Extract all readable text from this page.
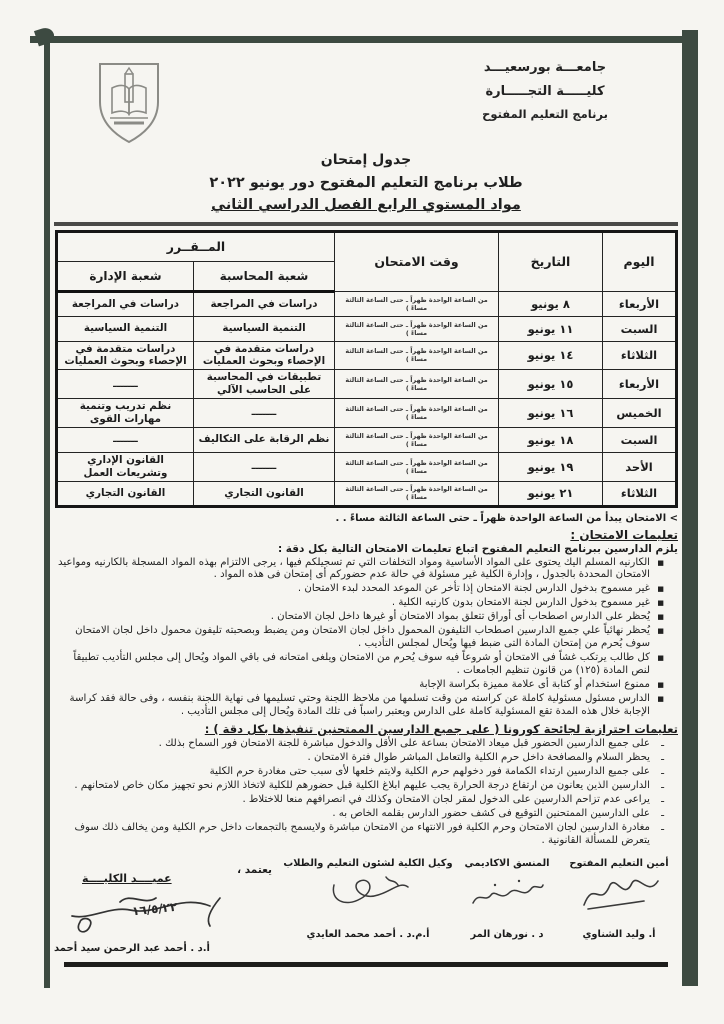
جامعـــة بورسعيـــد
كليـــــة التجـــــارة
برنامج التعليم المفتوح
جدول إمتحان
طلاب برنامج التعليم المفتوح دور يونيو ٢٠٢٢
مواد المستوي الرابع الفصل الدراسي الثاني
اليوم	التاريخ	وقت الامتحان	المــقــرر	
			شعبة المحاسبة	شعبة الإدارة
الأربعاء	٨ يونيو	من الساعة الواحدة ظهراً ـ حتى الساعة الثالثة مساءً )	دراسات في المراجعة	دراسات في المراجعة
السبت	١١ يونيو	من الساعة الواحدة ظهراً ـ حتى الساعة الثالثة مساءً )	التنمية السياسية	التنمية السياسية
الثلاثاء	١٤ يونيو	من الساعة الواحدة ظهراً ـ حتى الساعة الثالثة مساءً )	دراسات متقدمة في الإحصاء وبحوث العمليات	دراسات متقدمة في الإحصاء وبحوث العمليات
الأربعاء	١٥ يونيو	من الساعة الواحدة ظهراً ـ حتى الساعة الثالثة مساءً )	تطبيقات في المحاسبة على الحاسب الآلي	ـــــــ
الخميس	١٦ يونيو	من الساعة الواحدة ظهراً ـ حتى الساعة الثالثة مساءً )	ـــــــ	نظم تدريب وتنمية مهارات القوى
السبت	١٨ يونيو	من الساعة الواحدة ظهراً ـ حتى الساعة الثالثة مساءً )	نظم الرقابة على التكاليف	ـــــــ
الأحد	١٩ يونيو	من الساعة الواحدة ظهراً ـ حتى الساعة الثالثة مساءً )	ـــــــ	القانون الإداري وتشريعات العمل
الثلاثاء	٢١ يونيو	من الساعة الواحدة ظهراً ـ حتى الساعة الثالثة مساءً )	القانون التجاري	القانون التجاري
< الامتحان يبدأ من الساعة الواحدة ظهراً ـ حتى الساعة الثالثة مساءً . .
تعليمات الامتحان :
يلزم الدارسين ببرنامج التعليم المفتوح اتباع تعليمات الامتحان التالية بكل دقة :
■
الكارنيه المسلم اليك يحتوى على المواد الأساسية ومواد التخلفات التي تم تسجيلكم فيها ، يرجى الالتزام بهذه المواد المسجلة بالكارنيه ومواعيد الامتحان المحددة بالجدول ، وإدارة الكلية غير مسئولة في حالة عدم حضوركم أى إمتحان فى هذه المواد .
■
غير مسموح بدخول الدارس لجنة الامتحان إذا تأخر عن الموعد المحدد لبدء الامتحان .
■
غير مسموح بدخول الدارس لجنة الامتحان بدون كارنيه الكلية .
■
يُحظر على الدارس اصطحاب أى أوراق تتعلق بمواد الامتحان أو غيرها داخل لجان الامتحان .
■
يُحظر نهائياً علي جميع الدارسين اصطحاب التليفون المحمول داخل لجان الامتحان ومن يضبط وبصحبته تليفون محمول داخل لجان الامتحان سوف يُحرم من إمتحان المادة التى ضبط فيها ويُحال لمجلس التأديب .
■
كل طالب يرتكب غشاً فى الامتحان أو شروعاً فيه سوف يُحرم من الامتحان ويلغى امتحانه فى باقي المواد ويُحال إلى مجلس التأديب تطبيقاً لنص المادة (١٢٥) من قانون تنظيم الجامعات .
■
ممنوع استخدام أو كتابة أى علامة مميزة بكراسة الإجابة
■
الدارس مسئول مسئولية كاملة عن كراسته من وقت تسلمها من ملاحظ اللجنة وحتي تسليمها فى نهاية اللجنة بنفسه ، وفى حالة فقد كراسة الإجابة خلال هذه المدة تقع المسئولية كاملة على الدارس ويعتبر راسباً فى تلك المادة ويُحال إلى مجلس التأديب .
تعليمات احترازية لجائحة كورونا ( على جميع الدارسين الممتحنين تنفيذها بكل دقة ) :
ـ
على جميع الدارسين الحضور قبل ميعاد الامتحان بساعة على الأقل والدخول مباشرة للجنة الامتحان فور السماح بذلك .
ـ
يحظر السلام والمصافحة داخل حرم الكلية والتعامل المباشر طوال فترة الامتحان .
ـ
على جميع الدارسين ارتداء الكمامة فور دخولهم حرم الكلية ولايتم خلعها لأى سبب حتى مغادرة حرم الكلية
ـ
الدارسين الذين يعانون من ارتفاع درجة الحرارة يجب عليهم ابلاغ الكلية قبل حضورهم للكلية لاتخاذ اللازم نحو تجهيز مكان خاص لامتحانهم .
ـ
يراعى عدم تزاحم الدارسين على الدخول لمقر لجان الامتحان وكذلك في انصرافهم منعا للاختلاط .
ـ
على الدارسين الممتحنين التوقيع فى كشف حضور الدارس بقلمه الخاص به .
ـ
مغادرة الدارسين لجان الامتحان وحرم الكلية فور الانتهاء من الامتحان مباشرة ولايسمح بالتجمعات داخل حرم الكلية ومن يخالف ذلك سوف يتعرض للمسألة القانونية .
أمين التعليم المفتوح
أ. وليد الشناوي
المنسق الاكاديمي
د . نورهان المر
وكيل الكلية لشئون التعليم والطلاب
أ.م.د . أحمد محمد العايدي
يعتمد ،
عميــــد الكليــــة
١٦/٥/٢٢
أ.د . أحمد عبد الرحمن سيد أحمد
